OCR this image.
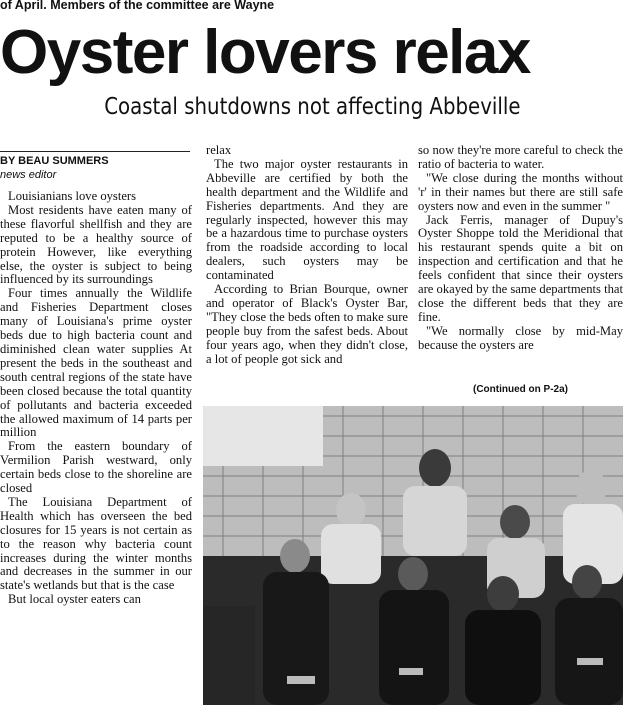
of April. Members of the committee are Wayne
Oyster lovers relax
Coastal shutdowns not affecting Abbeville

BY BEAU SUMMERS

news editor

Louisianians love oysters

Most residents have eaten many of these flavorful shellfish and they are reputed to be a healthy source of protein However, like everything else, the oyster is subject to being influenced by its surroundings

Four times annually the Wildlife and Fisheries Department closes many of Louisiana's prime oyster beds due to high bacteria count and diminished clean water supplies At present the beds in the southeast and south central regions of the state have been closed because the total quantity of pollutants and bacteria exceeded the allowed maximum of 14 parts per million

From the eastern boundary of Vermilion Parish westward, only certain beds close to the shoreline are closed

The Louisiana Department of Health which has overseen the bed closures for 15 years is not certain as to the reason why bacteria count increases during the winter months and decreases in the summer in our state's wetlands but that is the case

But local oyster eaters can

relax

The two major oyster restaurants in Abbeville are certified by both the health department and the Wildlife and Fisheries departments. And they are regularly inspected, however this may be a hazardous time to purchase oysters from the roadside according to local dealers, such oysters may be contaminated

According to Brian Bourque, owner and operator of Black's Oyster Bar, "They close the beds often to make sure people buy from the safest beds. About four years ago, when they didn't close, a lot of people got sick and

so now they're more careful to check the ratio of bacteria to water.

"We close during the months without 'r' in their names but there are still safe oysters now and even in the summer "

Jack Ferris, manager of Dupuy's Oyster Shoppe told the Meridional that his restaurant spends quite a bit on inspection and certification and that he feels confident that since their oysters are okayed by the same departments that close the different beds that they are fine.

"We normally close by mid-May because the oysters are

(Continued on P-2a)
